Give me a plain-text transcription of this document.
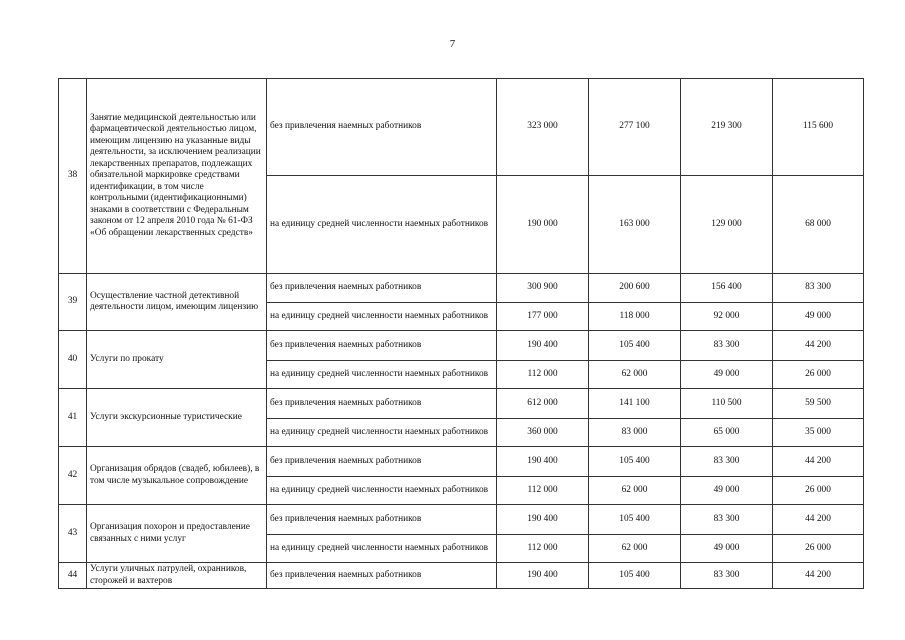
7
38	Занятие медицинской деятельностью или фармацевтической деятельностью лицом, имеющим лицензию на указанные виды деятельности, за исключением реализации лекарственных препаратов, подлежащих обязательной маркировке средствами идентификации, в том числе контрольными (идентификационными) знаками в соответствии с Федеральным законом от 12 апреля 2010 года № 61-ФЗ «Об обращении лекарственных средств»	без привлечения наемных работников	323 000	277 100	219 300	115 600
		на единицу средней численности наемных работников	190 000	163 000	129 000	68 000
39	Осуществление частной детективной деятельности лицом, имеющим лицензию	без привлечения наемных работников	300 900	200 600	156 400	83 300
		на единицу средней численности наемных работников	177 000	118 000	92 000	49 000
40	Услуги по прокату	без привлечения наемных работников	190 400	105 400	83 300	44 200
		на единицу средней численности наемных работников	112 000	62 000	49 000	26 000
41	Услуги экскурсионные туристические	без привлечения наемных работников	612 000	141 100	110 500	59 500
		на единицу средней численности наемных работников	360 000	83 000	65 000	35 000
42	Организация обрядов (свадеб, юбилеев), в том числе музыкальное сопровождение	без привлечения наемных работников	190 400	105 400	83 300	44 200
		на единицу средней численности наемных работников	112 000	62 000	49 000	26 000
43	Организация похорон и предоставление связанных с ними услуг	без привлечения наемных работников	190 400	105 400	83 300	44 200
		на единицу средней численности наемных работников	112 000	62 000	49 000	26 000
44	Услуги уличных патрулей, охранников, сторожей и вахтеров	без привлечения наемных работников	190 400	105 400	83 300	44 200
